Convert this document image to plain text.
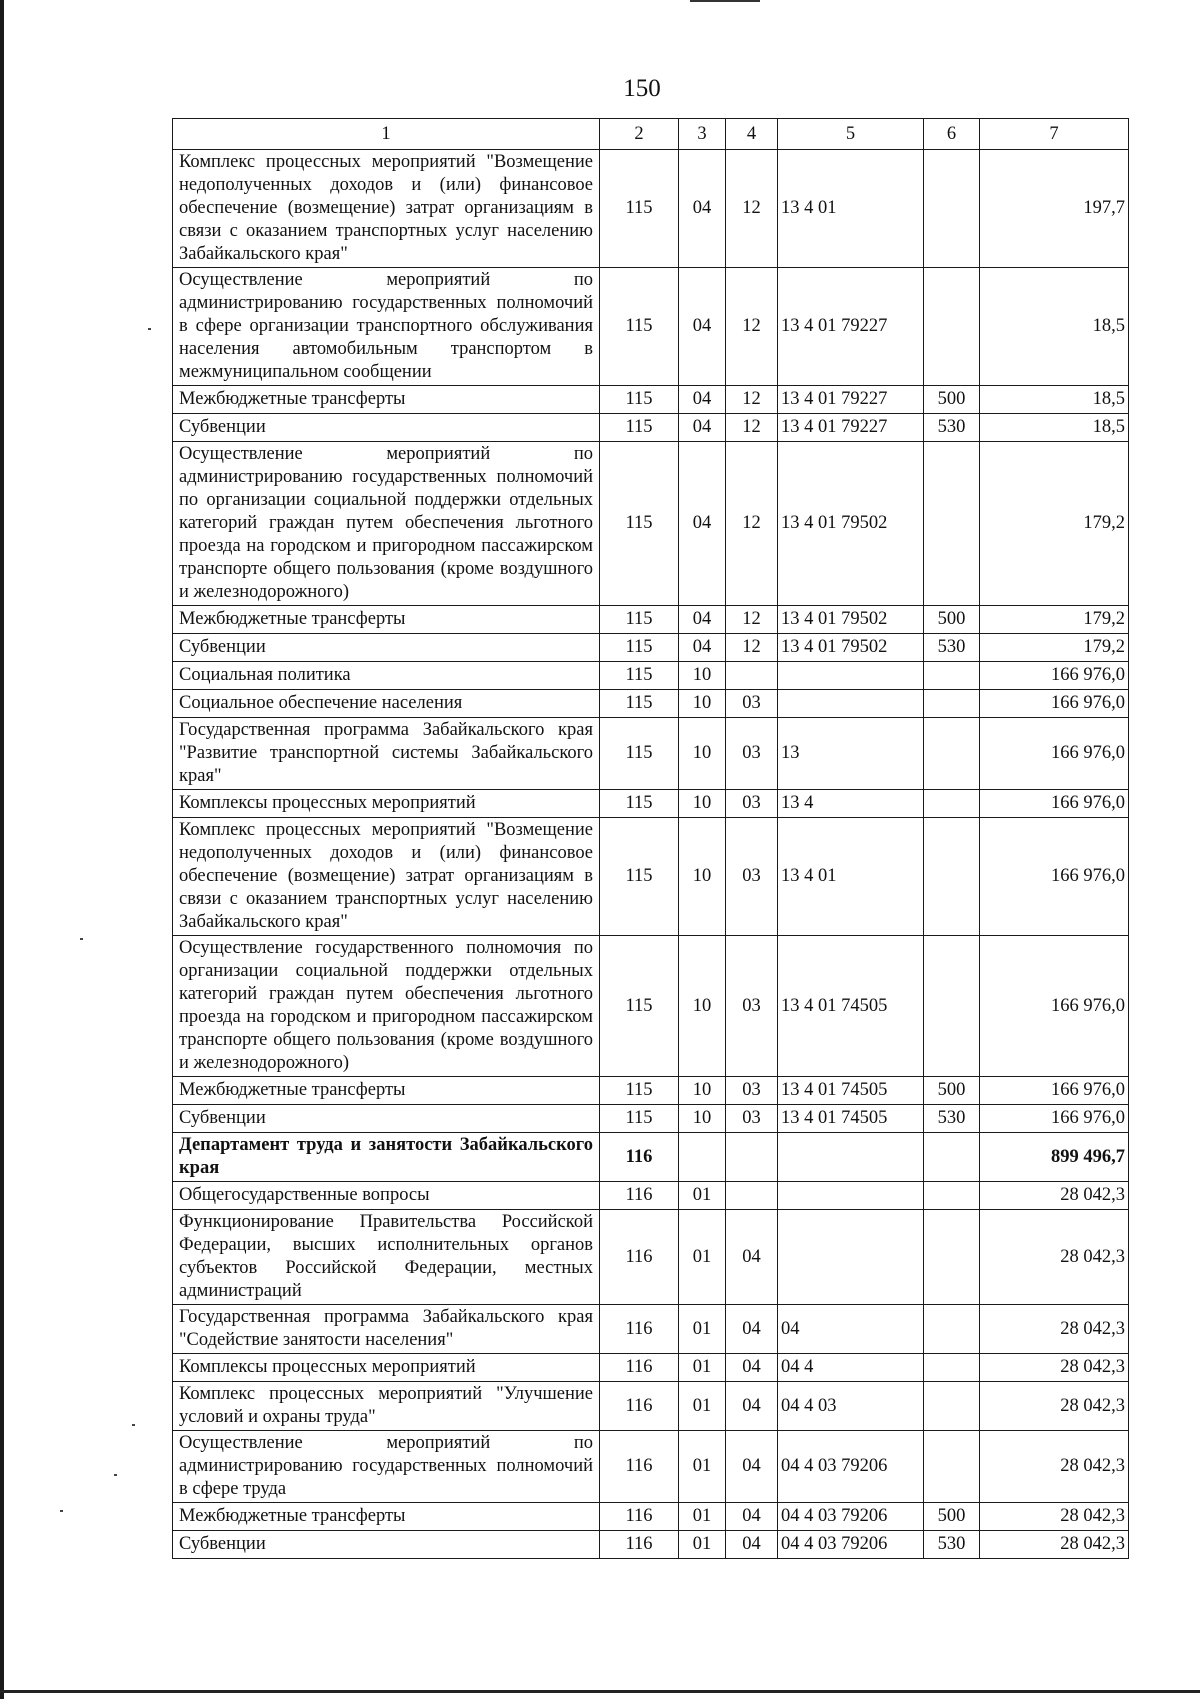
150
1	2	3	4	5	6	7
Комплекс процессных мероприятий "Возмещение недополученных доходов и (или) финансовое обеспечение (возмещение) затрат организациям в связи с оказанием транспортных услуг населению Забайкальского края"	115	04	12	13 4 01		197,7
Осуществление мероприятий по администрированию государственных полномочий в сфере организации транспортного обслуживания населения автомобильным транспортом в межмуниципальном сообщении	115	04	12	13 4 01 79227		18,5
Межбюджетные трансферты	115	04	12	13 4 01 79227	500	18,5
Субвенции	115	04	12	13 4 01 79227	530	18,5
Осуществление мероприятий по администрированию государственных полномочий по организации социальной поддержки отдельных категорий граждан путем обеспечения льготного проезда на городском и пригородном пассажирском транспорте общего пользования (кроме воздушного и железнодорожного)	115	04	12	13 4 01 79502		179,2
Межбюджетные трансферты	115	04	12	13 4 01 79502	500	179,2
Субвенции	115	04	12	13 4 01 79502	530	179,2
Социальная политика	115	10				166 976,0
Социальное обеспечение населения	115	10	03			166 976,0
Государственная программа Забайкальского края "Развитие транспортной системы Забайкальского края"	115	10	03	13		166 976,0
Комплексы процессных мероприятий	115	10	03	13 4		166 976,0
Комплекс процессных мероприятий "Возмещение недополученных доходов и (или) финансовое обеспечение (возмещение) затрат организациям в связи с оказанием транспортных услуг населению Забайкальского края"	115	10	03	13 4 01		166 976,0
Осуществление государственного полномочия по организации социальной поддержки отдельных категорий граждан путем обеспечения льготного проезда на городском и пригородном пассажирском транспорте общего пользования (кроме воздушного и железнодорожного)	115	10	03	13 4 01 74505		166 976,0
Межбюджетные трансферты	115	10	03	13 4 01 74505	500	166 976,0
Субвенции	115	10	03	13 4 01 74505	530	166 976,0
Департамент труда и занятости Забайкальского края	116					899 496,7
Общегосударственные вопросы	116	01				28 042,3
Функционирование Правительства Российской Федерации, высших исполнительных органов субъектов Российской Федерации, местных администраций	116	01	04			28 042,3
Государственная программа Забайкальского края "Содействие занятости населения"	116	01	04	04		28 042,3
Комплексы процессных мероприятий	116	01	04	04 4		28 042,3
Комплекс процессных мероприятий "Улучшение условий и охраны труда"	116	01	04	04 4 03		28 042,3
Осуществление мероприятий по администрированию государственных полномочий в сфере труда	116	01	04	04 4 03 79206		28 042,3
Межбюджетные трансферты	116	01	04	04 4 03 79206	500	28 042,3
Субвенции	116	01	04	04 4 03 79206	530	28 042,3
